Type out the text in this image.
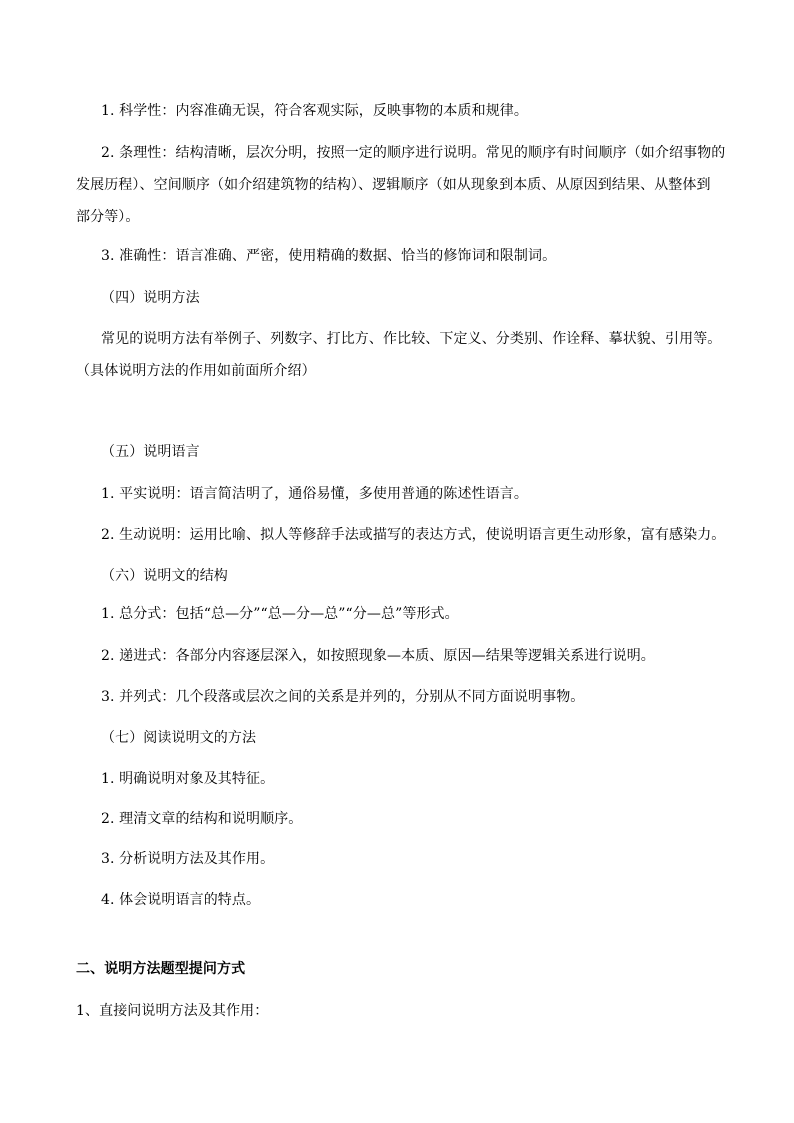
1. 科学性：内容准确无误，符合客观实际，反映事物的本质和规律。
2. 条理性：结构清晰，层次分明，按照一定的顺序进行说明。常见的顺序有时间顺序（如介绍事物的
发展历程）、空间顺序（如介绍建筑物的结构）、逻辑顺序（如从现象到本质、从原因到结果、从整体到
部分等）。
3. 准确性：语言准确、严密，使用精确的数据、恰当的修饰词和限制词。
（四）说明方法
常见的说明方法有举例子、列数字、打比方、作比较、下定义、分类别、作诠释、摹状貌、引用等。
（具体说明方法的作用如前面所介绍）
（五）说明语言
1. 平实说明：语言简洁明了，通俗易懂，多使用普通的陈述性语言。
2. 生动说明：运用比喻、拟人等修辞手法或描写的表达方式，使说明语言更生动形象，富有感染力。
（六）说明文的结构
1. 总分式：包括“总—分”“总—分—总”“分—总”等形式。
2. 递进式：各部分内容逐层深入，如按照现象—本质、原因—结果等逻辑关系进行说明。
3. 并列式：几个段落或层次之间的关系是并列的，分别从不同方面说明事物。
（七）阅读说明文的方法
1. 明确说明对象及其特征。
2. 理清文章的结构和说明顺序。
3. 分析说明方法及其作用。
4. 体会说明语言的特点。
二、说明方法题型提问方式
1、直接问说明方法及其作用：
